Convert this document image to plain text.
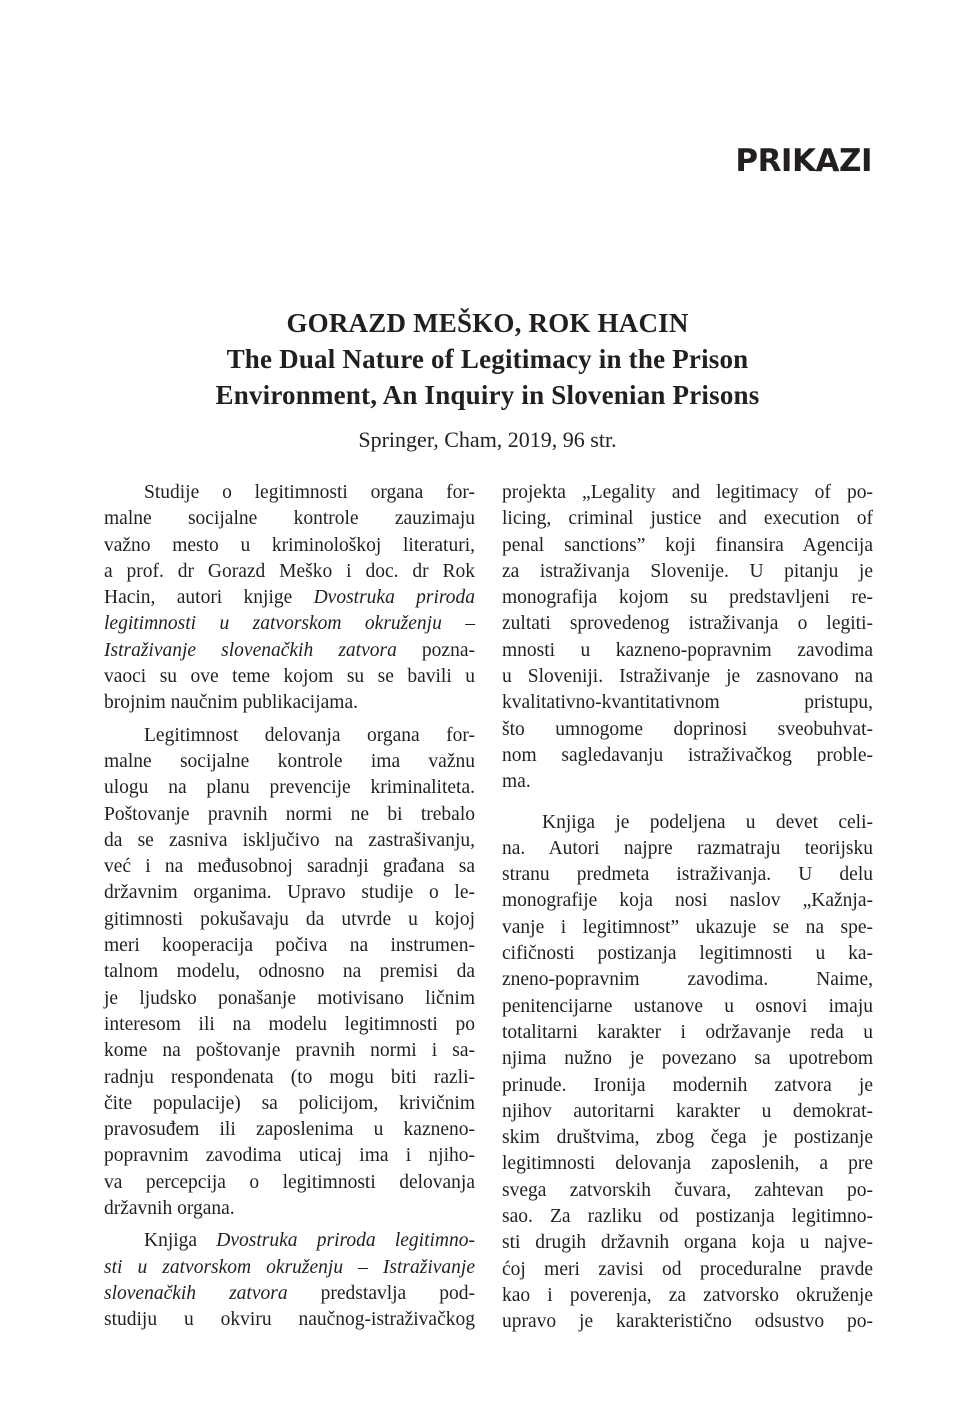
PRIKAZI

GORAZD MEŠKO, ROK HACIN

The Dual Nature of Legitimacy in the Prison

Environment, An Inquiry in Slovenian Prisons

Springer, Cham, 2019, 96 str.

Studije o legitimnosti organa for-
malne socijalne kontrole zauzimaju
važno mesto u kriminološkoj literaturi,
a prof. dr Gorazd Meško i doc. dr Rok
Hacin, autori knjige Dvostruka priroda
legitimnosti u zatvorskom okruženju –
Istraživanje slovenačkih zatvora pozna-
vaoci su ove teme kojom su se bavili u
brojnim naučnim publikacijama.
Legitimnost delovanja organa for-
malne socijalne kontrole ima važnu
ulogu na planu prevencije kriminaliteta.
Poštovanje pravnih normi ne bi trebalo
da se zasniva isključivo na zastrašivanju,
već i na međusobnoj saradnji građana sa
državnim organima. Upravo studije o le-
gitimnosti pokušavaju da utvrde u kojoj
meri kooperacija počiva na instrumen-
talnom modelu, odnosno na premisi da
je ljudsko ponašanje motivisano ličnim
interesom ili na modelu legitimnosti po
kome na poštovanje pravnih normi i sa-
radnju respondenata (to mogu biti razli-
čite populacije) sa policijom, krivičnim
pravosuđem ili zaposlenima u kazneno-
popravnim zavodima uticaj ima i njiho-
va percepcija o legitimnosti delovanja
državnih organa.
Knjiga Dvostruka priroda legitimno-
sti u zatvorskom okruženju – Istraživanje
slovenačkih zatvora predstavlja pod-
studiju u okviru naučnog-istraživačkog
projekta „Legality and legitimacy of po-
licing, criminal justice and execution of
penal sanctions” koji finansira Agencija
za istraživanja Slovenije. U pitanju je
monografija kojom su predstavljeni re-
zultati sprovedenog istraživanja o legiti-
mnosti u kazneno-popravnim zavodima
u Sloveniji. Istraživanje je zasnovano na
kvalitativno-kvantitativnom pristupu,
što umnogome doprinosi sveobuhvat-
nom sagledavanju istraživačkog proble-
ma.
Knjiga je podeljena u devet celi-
na. Autori najpre razmatraju teorijsku
stranu predmeta istraživanja. U delu
monografije koja nosi naslov „Kažnja-
vanje i legitimnost” ukazuje se na spe-
cifičnosti postizanja legitimnosti u ka-
zneno-popravnim zavodima. Naime,
penitencijarne ustanove u osnovi imaju
totalitarni karakter i održavanje reda u
njima nužno je povezano sa upotrebom
prinude. Ironija modernih zatvora je
njihov autoritarni karakter u demokrat-
skim društvima, zbog čega je postizanje
legitimnosti delovanja zaposlenih, a pre
svega zatvorskih čuvara, zahtevan po-
sao. Za razliku od postizanja legitimno-
sti drugih državnih organa koja u najve-
ćoj meri zavisi od proceduralne pravde
kao i poverenja, za zatvorsko okruženje
upravo je karakteristično odsustvo po-
